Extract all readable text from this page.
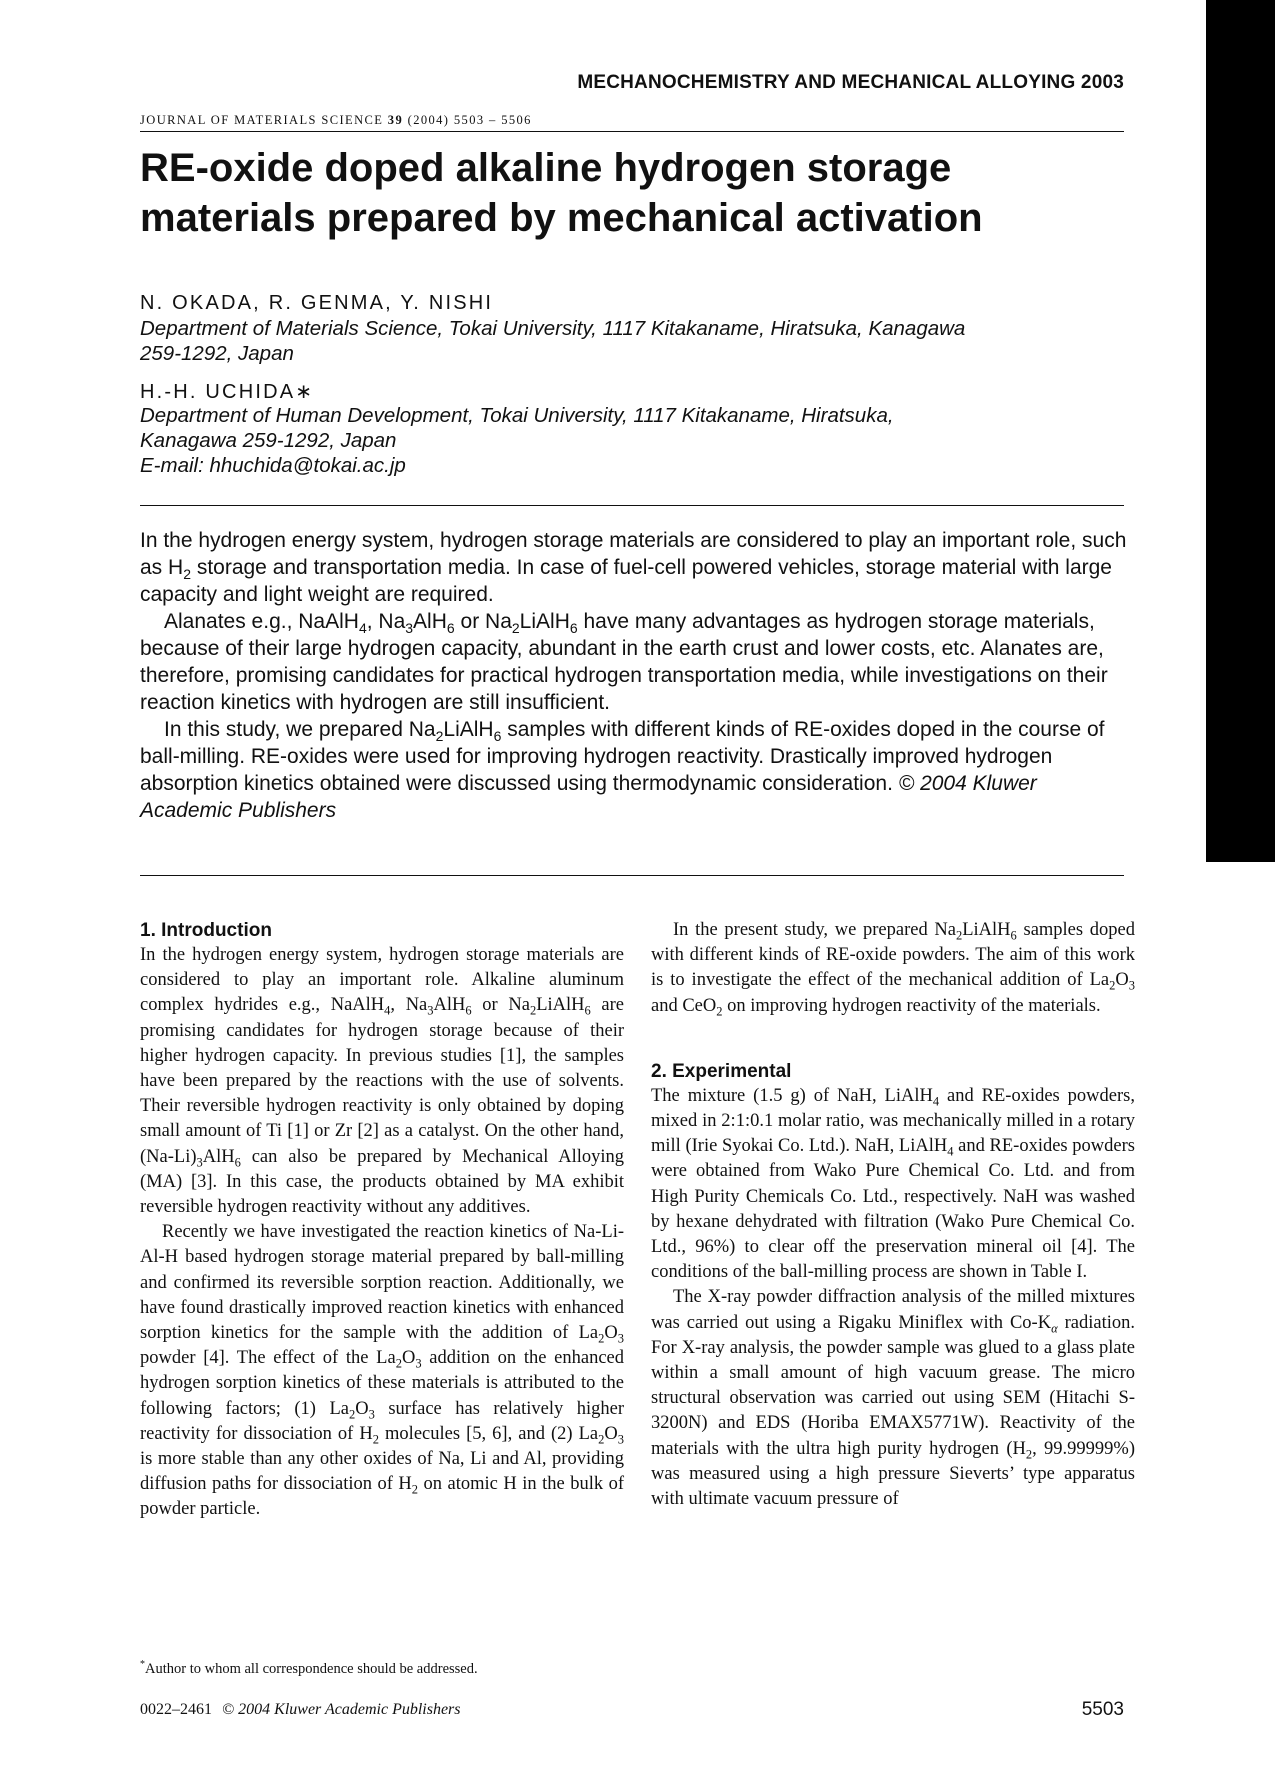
MECHANOCHEMISTRY AND MECHANICAL ALLOYING 2003
JOURNAL OF MATERIALS SCIENCE 39 (2004) 5503 – 5506
RE-oxide doped alkaline hydrogen storage
materials prepared by mechanical activation
N. OKADA, R. GENMA, Y. NISHI
Department of Materials Science, Tokai University, 1117 Kitakaname, Hiratsuka, Kanagawa
259-1292, Japan
H.-H. UCHIDA∗
Department of Human Development, Tokai University, 1117 Kitakaname, Hiratsuka,
Kanagawa 259-1292, Japan
E-mail: hhuchida@tokai.ac.jp

In the hydrogen energy system, hydrogen storage materials are considered to play an important role, such as $H_2$ storage and transportation media. In case of fuel-cell powered vehicles, storage material with large capacity and light weight are required.

Alanates e.g., NaAlH$_4$, $Na_3AlH_6$ or $Na_2LiAlH_6$ have many advantages as hydrogen storage materials, because of their large hydrogen capacity, abundant in the earth crust and lower costs, etc. Alanates are, therefore, promising candidates for practical hydrogen transportation media, while investigations on their reaction kinetics with hydrogen are still insufficient.

In this study, we prepared $Na_2LiAlH_6$ samples with different kinds of RE-oxides doped in the course of ball-milling. RE-oxides were used for improving hydrogen reactivity. Drastically improved hydrogen absorption kinetics obtained were discussed using thermodynamic consideration. © 2004 Kluwer Academic Publishers

1. Introduction

In the hydrogen energy system, hydrogen storage materials are considered to play an important role. Alkaline aluminum complex hydrides e.g., NaAlH$_4$, $Na_3AlH_6$ or $Na_2LiAlH_6$ are promising candidates for hydrogen storage because of their higher hydrogen capacity. In previous studies [1], the samples have been prepared by the reactions with the use of solvents. Their reversible hydrogen reactivity is only obtained by doping small amount of Ti [1] or Zr [2] as a catalyst. On the other hand, $(Na-Li)_3AlH_6$ can also be prepared by Mechanical Alloying (MA) [3]. In this case, the products obtained by MA exhibit reversible hydrogen reactivity without any additives.

Recently we have investigated the reaction kinetics of Na-Li-Al-H based hydrogen storage material prepared by ball-milling and confirmed its reversible sorption reaction. Additionally, we have found drastically improved reaction kinetics with enhanced sorption kinetics for the sample with the addition of $La_2O_3$ powder [4]. The effect of the $La_2O_3$ addition on the enhanced hydrogen sorption kinetics of these materials is attributed to the following factors; (1) $La_2O_3$ surface has relatively higher reactivity for dissociation of $H_2$ molecules [5, 6], and (2) $La_2O_3$ is more stable than any other oxides of Na, Li and Al, providing diffusion paths for dissociation of $H_2$ on atomic H in the bulk of powder particle.

In the present study, we prepared $Na_2LiAlH_6$ samples doped with different kinds of RE-oxide powders. The aim of this work is to investigate the effect of the mechanical addition of $La_2O_3$ and CeO$_2$ on improving hydrogen reactivity of the materials.

2. Experimental

The mixture (1.5 g) of NaH, LiAlH$_4$ and RE-oxides powders, mixed in 2:1:0.1 molar ratio, was mechanically milled in a rotary mill (Irie Syokai Co. Ltd.). NaH, LiAlH$_4$ and RE-oxides powders were obtained from Wako Pure Chemical Co. Ltd. and from High Purity Chemicals Co. Ltd., respectively. NaH was washed by hexane dehydrated with filtration (Wako Pure Chemical Co. Ltd., 96%) to clear off the preservation mineral oil [4]. The conditions of the ball-milling process are shown in Table I.

The X-ray powder diffraction analysis of the milled mixtures was carried out using a Rigaku Miniflex with $Co-K_\alpha$ radiation. For X-ray analysis, the powder sample was glued to a glass plate within a small amount of high vacuum grease. The micro structural observation was carried out using SEM (Hitachi S-3200N) and EDS (Horiba EMAX5771W). Reactivity of the materials with the ultra high purity hydrogen ($H_2$, 99.99999%) was measured using a high pressure Sieverts’ type apparatus with ultimate vacuum pressure of

*Author to whom all correspondence should be addressed.
0022–2461 © 2004 Kluwer Academic Publishers	5503
